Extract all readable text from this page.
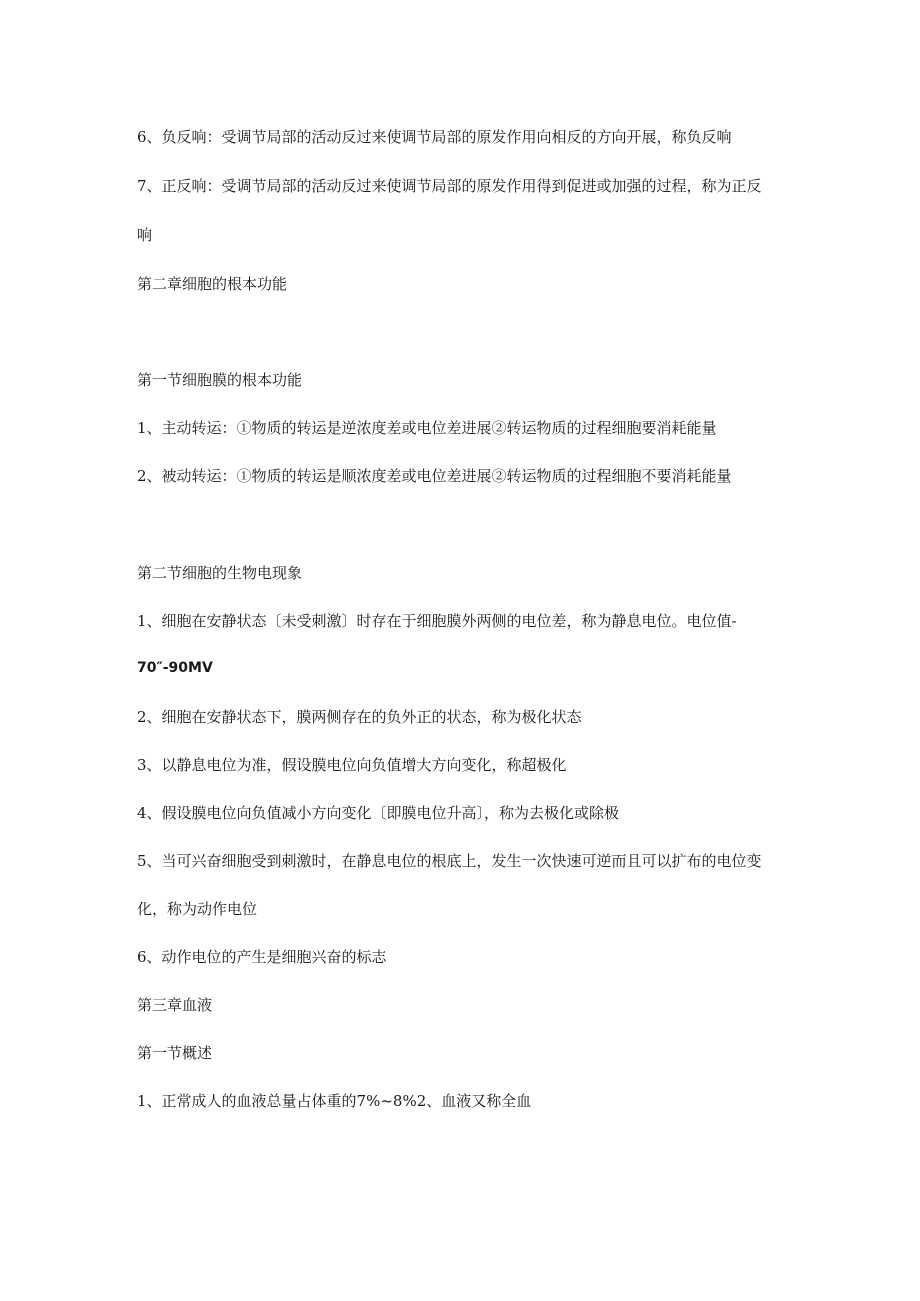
6、负反响：受调节局部的活动反过来使调节局部的原发作用向相反的方向开展，称负反响
7、正反响：受调节局部的活动反过来使调节局部的原发作用得到促进或加强的过程，称为正反
响
第二章细胞的根本功能
第一节细胞膜的根本功能
1、主动转运：①物质的转运是逆浓度差或电位差进展②转运物质的过程细胞要消耗能量
2、被动转运：①物质的转运是顺浓度差或电位差进展②转运物质的过程细胞不要消耗能量
第二节细胞的生物电现象
1、细胞在安静状态〔未受刺激〕时存在于细胞膜外两侧的电位差，称为静息电位。电位值-
70″-90MV
2、细胞在安静状态下，膜两侧存在的负外正的状态，称为极化状态
3、以静息电位为准，假设膜电位向负值增大方向变化，称超极化
4、假设膜电位向负值减小方向变化〔即膜电位升高〕，称为去极化或除极
5、当可兴奋细胞受到刺激时，在静息电位的根底上，发生一次快速可逆而且可以扩布的电位变
化，称为动作电位
6、动作电位的产生是细胞兴奋的标志
第三章血液
第一节概述
1、正常成人的血液总量占体重的7%~8%2、血液又称全血
